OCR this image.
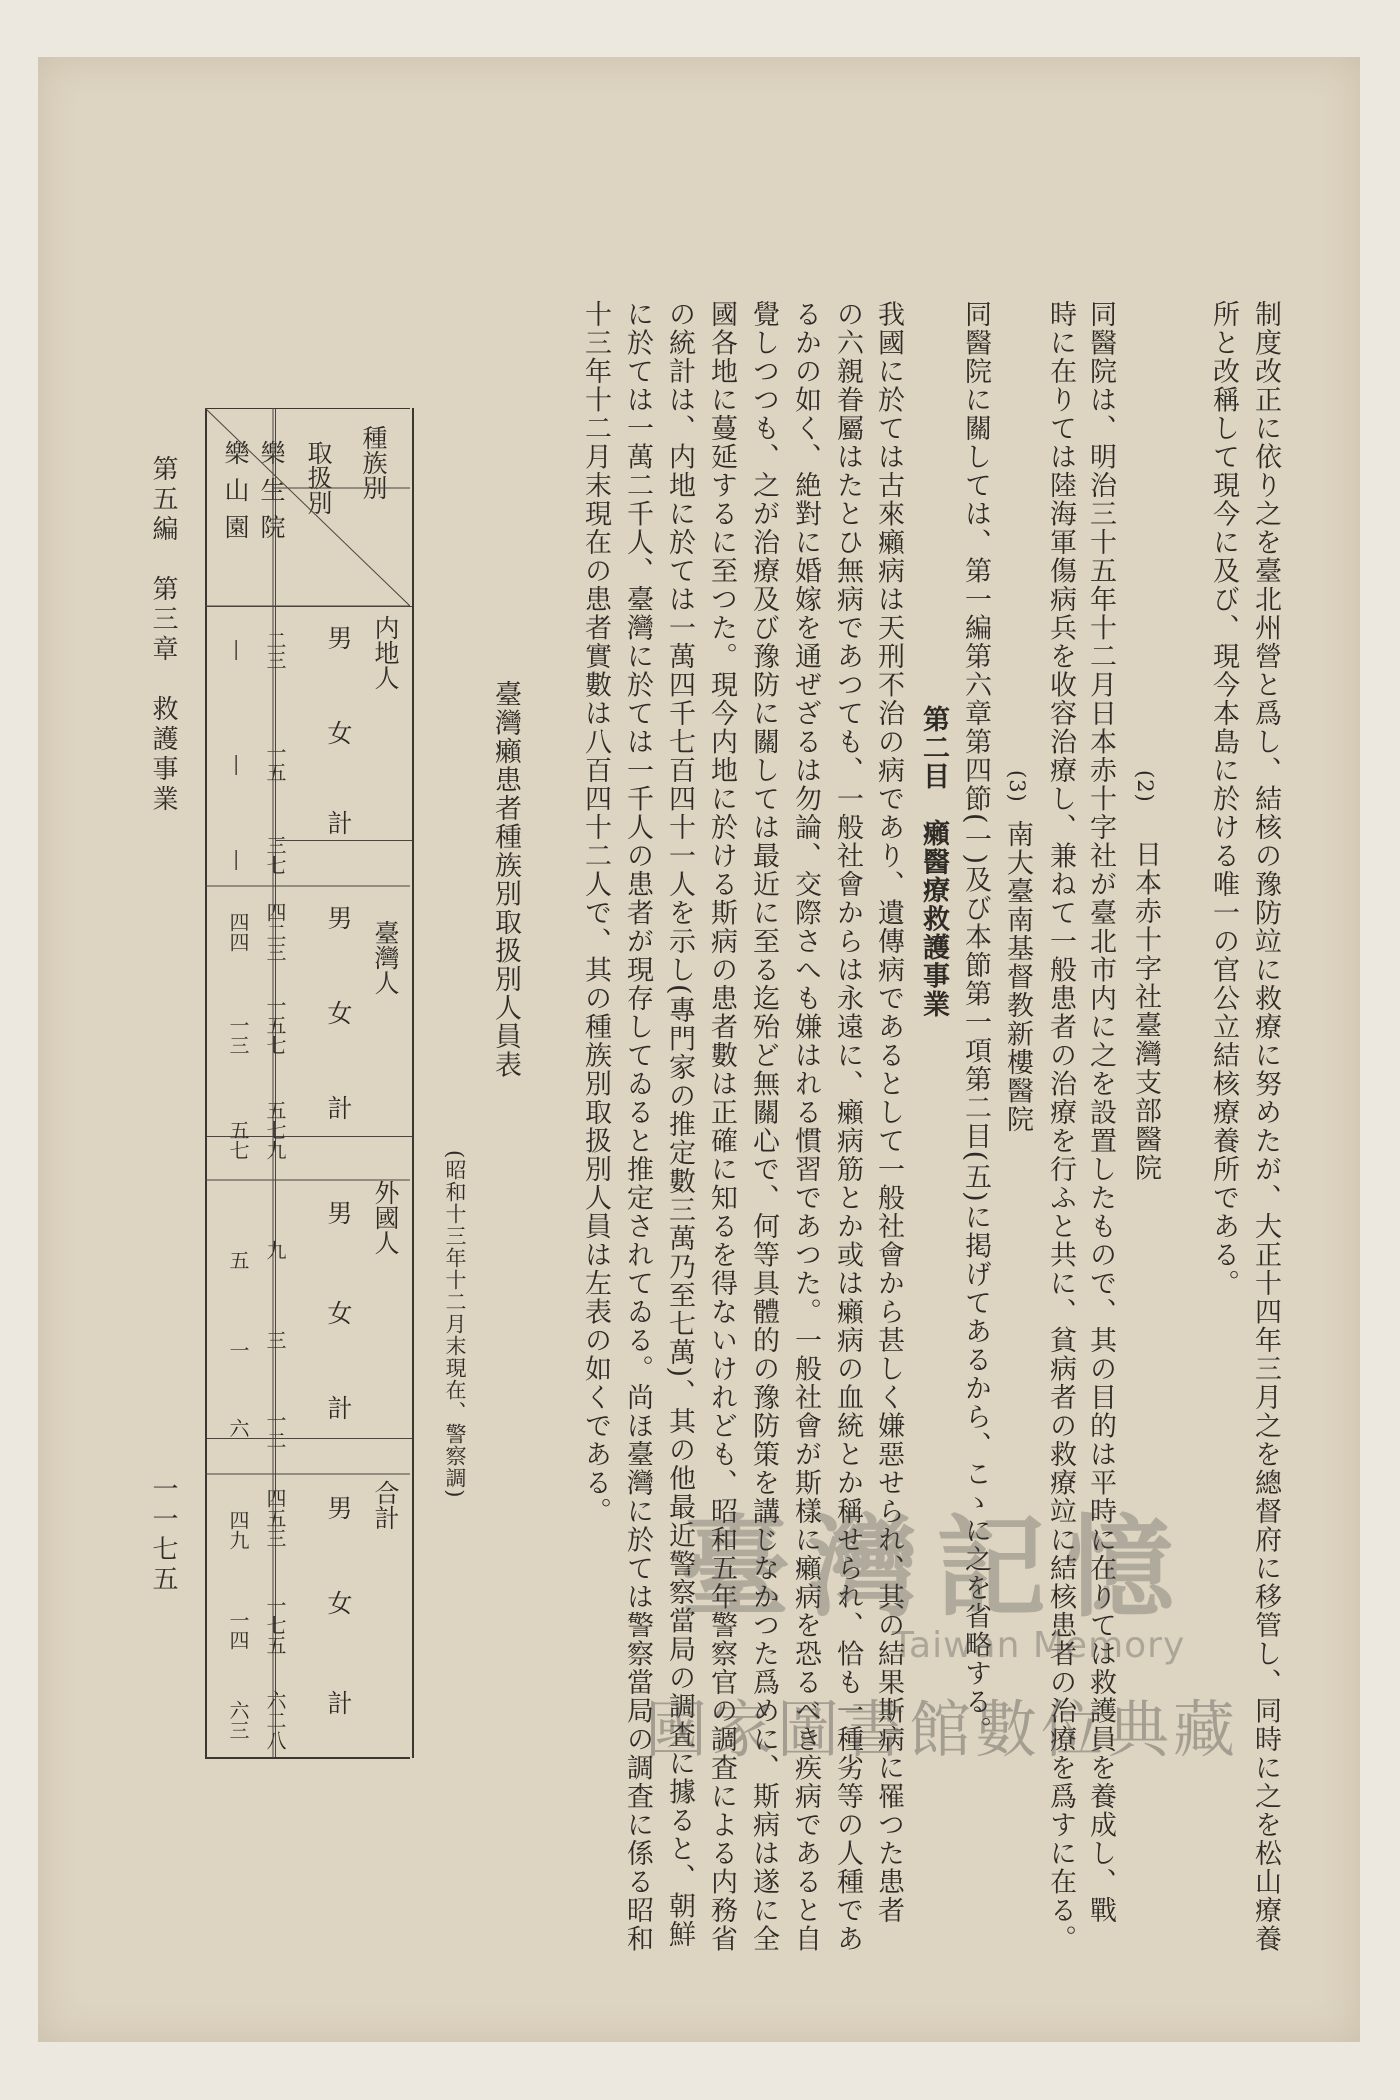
制度改正に依り之を臺北州營と爲し、結核の豫防竝に救療に努めたが、大正十四年三月之を總督府に移管し、同時に之を松山療養
所と改稱して現今に及び、現今本島に於ける唯一の官公立結核療養所である。
(2)
日本赤十字社臺灣支部醫院
同醫院は、明治三十五年十二月日本赤十字社が臺北市内に之を設置したもので、其の目的は平時に在りては救護員を養成し、戰
時に在りては陸海軍傷病兵を收容治療し、兼ねて一般患者の治療を行ふと共に、貧病者の救療竝に結核患者の治療を爲すに在る。
(3)
南大臺南基督教新樓醫院
同醫院に關しては、第一編第六章第四節(一)及び本節第一項第二目(五)に掲げてあるから、こゝに之を省略する。
第二目　癩醫療救護事業
我國に於ては古來癩病は天刑不治の病であり、遺傳病であるとして一般社會から甚しく嫌惡せられ、其の結果斯病に罹つた患者
の六親眷屬はたとひ無病であつても、一般社會からは永遠に、癩病筋とか或は癩病の血統とか稱せられ、恰も一種劣等の人種であ
るかの如く、絶對に婚嫁を通ぜざるは勿論、交際さへも嫌はれる慣習であつた。一般社會が斯樣に癩病を恐るべき疾病であると自
覺しつつも、之が治療及び豫防に關しては最近に至る迄殆ど無關心で、何等具體的の豫防策を講じなかつた爲めに、斯病は遂に全
國各地に蔓延するに至つた。現今内地に於ける斯病の患者數は正確に知るを得ないけれども、昭和五年警察官の調査による内務省
の統計は、内地に於ては一萬四千七百四十一人を示し(專門家の推定數三萬乃至七萬)、其の他最近警察當局の調査に據ると、朝鮮
に於ては一萬二千人、臺灣に於ては一千人の患者が現存してゐると推定されてゐる。尚ほ臺灣に於ては警察當局の調査に係る昭和
十三年十二月末現在の患者實數は八百四十二人で、其の種族別取扱別人員は左表の如くである。
臺灣癩患者種族別取扱別人員表
(昭和十三年十二月末現在、警察調)
内地人
臺灣人
外國人
合計
男
女
計
男
女
計
男
女
計
男
女
計
種族別
取扱別
樂生院
樂山園
二三
一五
三七
四二三
一五七
五七九
九
三
一二
四五三
一七五
六二八
―
―
―
四四
一三
五七
五
一
六
四九
一四
六三
第五編　第三章　救護事業
一一七五	臺灣記憶
Taiwan Memory
國家圖書館數位典藏
